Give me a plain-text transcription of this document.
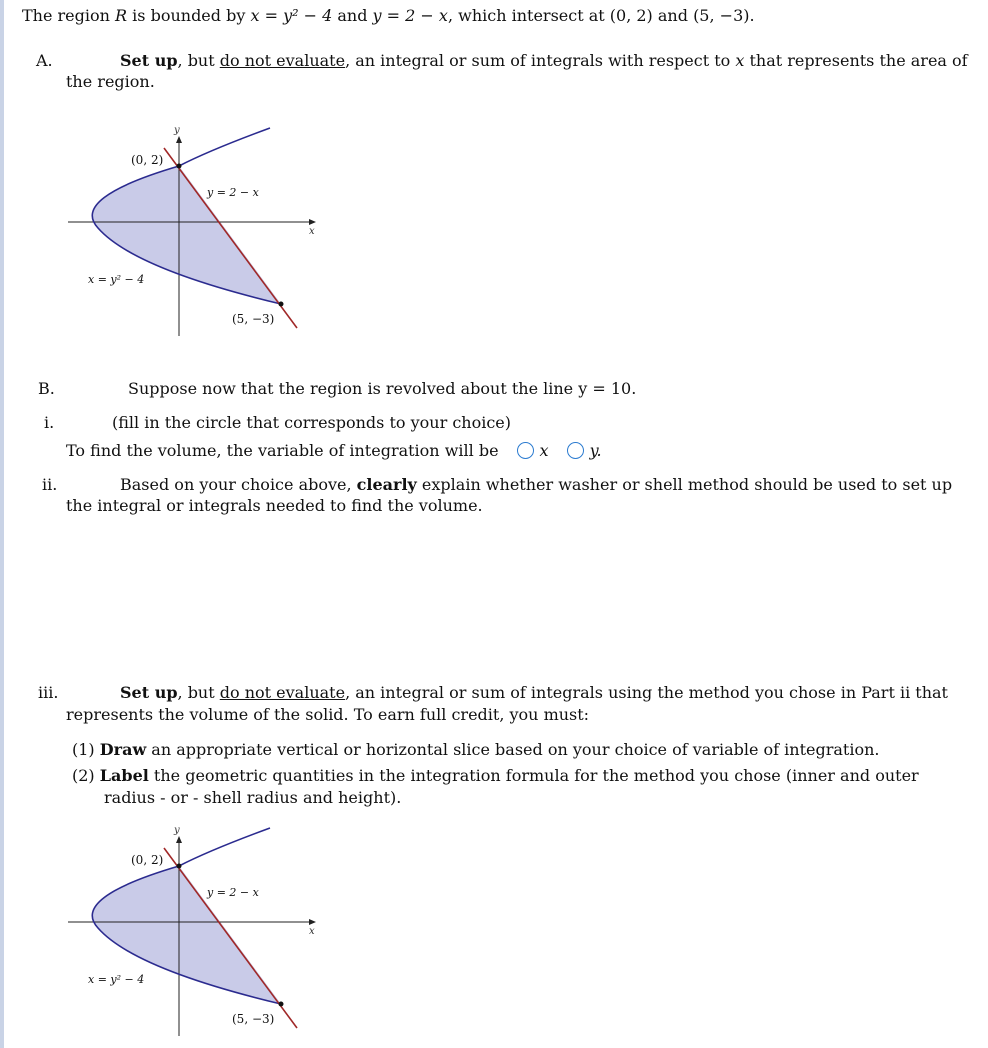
The region R is bounded by x = y² − 4 and y = 2 − x, which intersect at (0, 2) and (5, −3).
A.	Set up, but do not evaluate, an integral or sum of integrals with respect to x that represents the area of
the region.
y
x
(0, 2)
y = 2 − x
x = y² − 4
(5, −3)
B.	Suppose now that the region is revolved about the line y = 10.
i.	(fill in the circle that corresponds to your choice)
To find the volume, the variable of integration will be	x	y.
ii.	Based on your choice above, clearly explain whether washer or shell method should be used to set up
the integral or integrals needed to find the volume.
iii.	Set up, but do not evaluate, an integral or sum of integrals using the method you chose in Part ii that
represents the volume of the solid. To earn full credit, you must:
(1) Draw an appropriate vertical or horizontal slice based on your choice of variable of integration.
(2) Label the geometric quantities in the integration formula for the method you chose (inner and outer
radius - or - shell radius and height).
y
x
(0, 2)
y = 2 − x
x = y² − 4
(5, −3)
